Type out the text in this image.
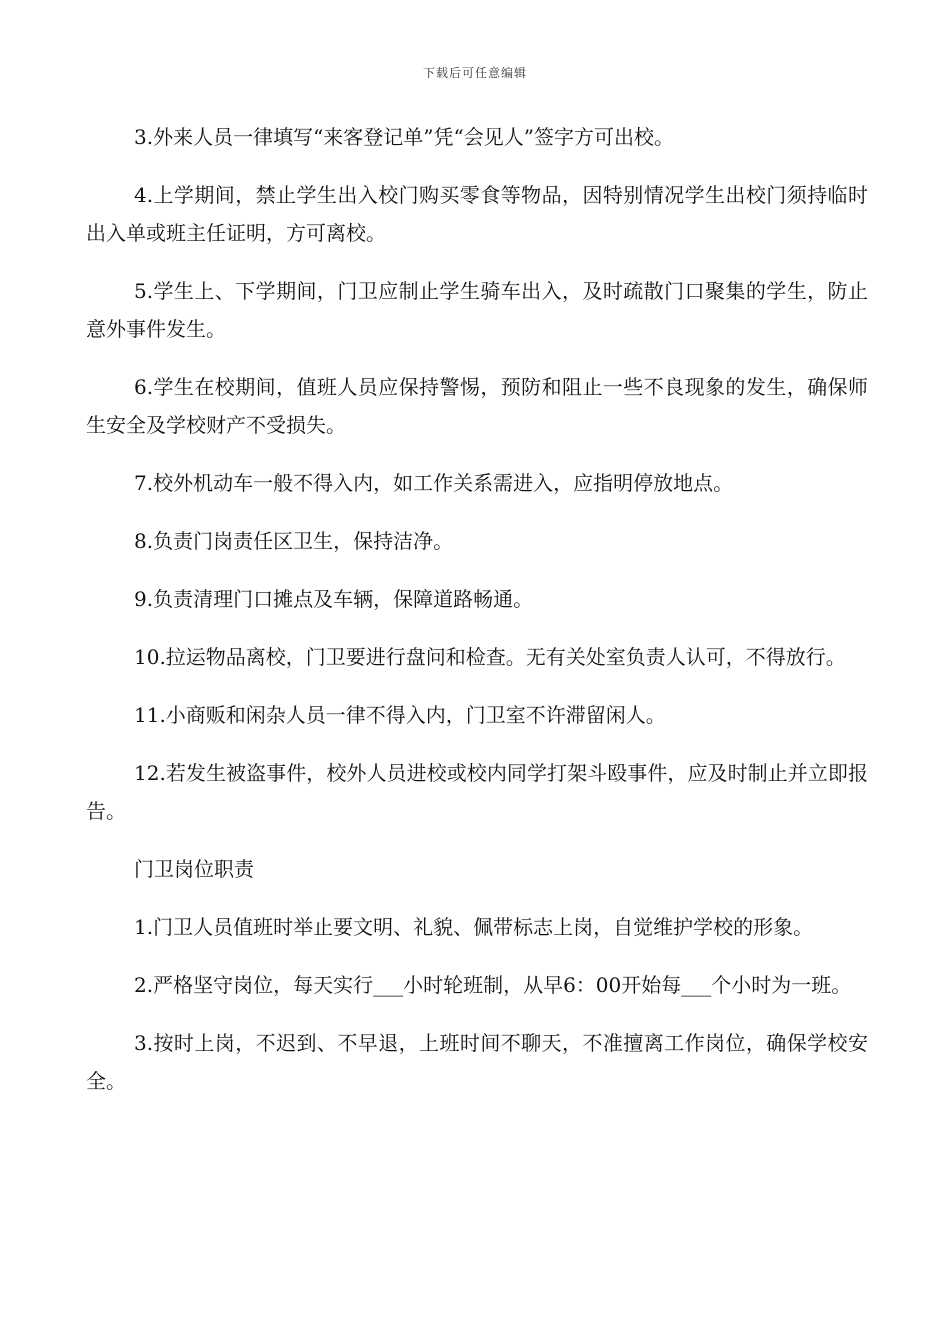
下载后可任意编辑

3.外来人员一律填写“来客登记单”凭“会见人”签字方可出校。

4.上学期间，禁止学生出入校门购买零食等物品，因特别情况学生出校门须持临时出入单或班主任证明，方可离校。

5.学生上、下学期间，门卫应制止学生骑车出入，及时疏散门口聚集的学生，防止意外事件发生。

6.学生在校期间，值班人员应保持警惕，预防和阻止一些不良现象的发生，确保师生安全及学校财产不受损失。

7.校外机动车一般不得入内，如工作关系需进入，应指明停放地点。

8.负责门岗责任区卫生，保持洁净。

9.负责清理门口摊点及车辆，保障道路畅通。

10.拉运物品离校，门卫要进行盘问和检查。无有关处室负责人认可，不得放行。

11.小商贩和闲杂人员一律不得入内，门卫室不许滞留闲人。

12.若发生被盗事件，校外人员进校或校内同学打架斗殴事件，应及时制止并立即报告。

门卫岗位职责

1.门卫人员值班时举止要文明、礼貌、佩带标志上岗，自觉维护学校的形象。

2.严格坚守岗位，每天实行___小时轮班制，从早6：00开始每___个小时为一班。

3.按时上岗，不迟到、不早退，上班时间不聊天，不准擅离工作岗位，确保学校安全。
